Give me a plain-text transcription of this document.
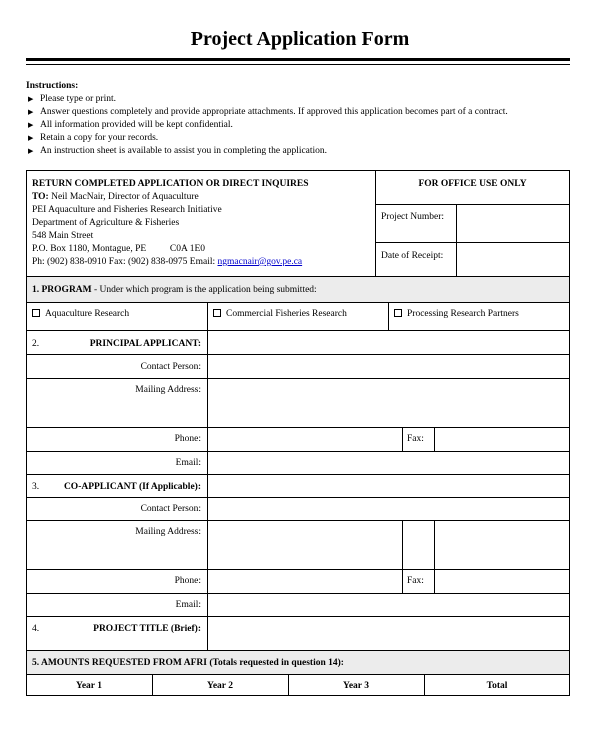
Project Application Form
Instructions:
▶ Please type or print.
▶ Answer questions completely and provide appropriate attachments. If approved this application becomes part of a contract.
▶ All information provided will be kept confidential.
▶ Retain a copy for your records.
▶ An instruction sheet is available to assist you in completing the application.
RETURN COMPLETED APPLICATION OR DIRECT INQUIRES
TO: Neil MacNair, Director of Aquaculture
PEI Aquaculture and Fisheries Research Initiative
Department of Agriculture & Fisheries
548 Main Street
P.O. Box 1180, Montague, PE          C0A 1E0
Ph: (902) 838-0910 Fax: (902) 838-0975 Email: ngmacnair@gov.pe.ca
FOR OFFICE USE ONLY
Project Number:
Date of Receipt:
1. PROGRAM - Under which program is the application being submitted:
Aquaculture Research	Commercial Fisheries Research	Processing Research Partners
2.	PRINCIPAL APPLICANT:
Contact Person:
Mailing Address:
Phone:	Fax:
Email:
3.	CO-APPLICANT (If Applicable):
Contact Person:
Mailing Address:
Phone:	Fax:
Email:
4.	PROJECT TITLE (Brief):
5. AMOUNTS REQUESTED FROM AFRI (Totals requested in question 14):
Year 1	Year 2	Year 3	Total
